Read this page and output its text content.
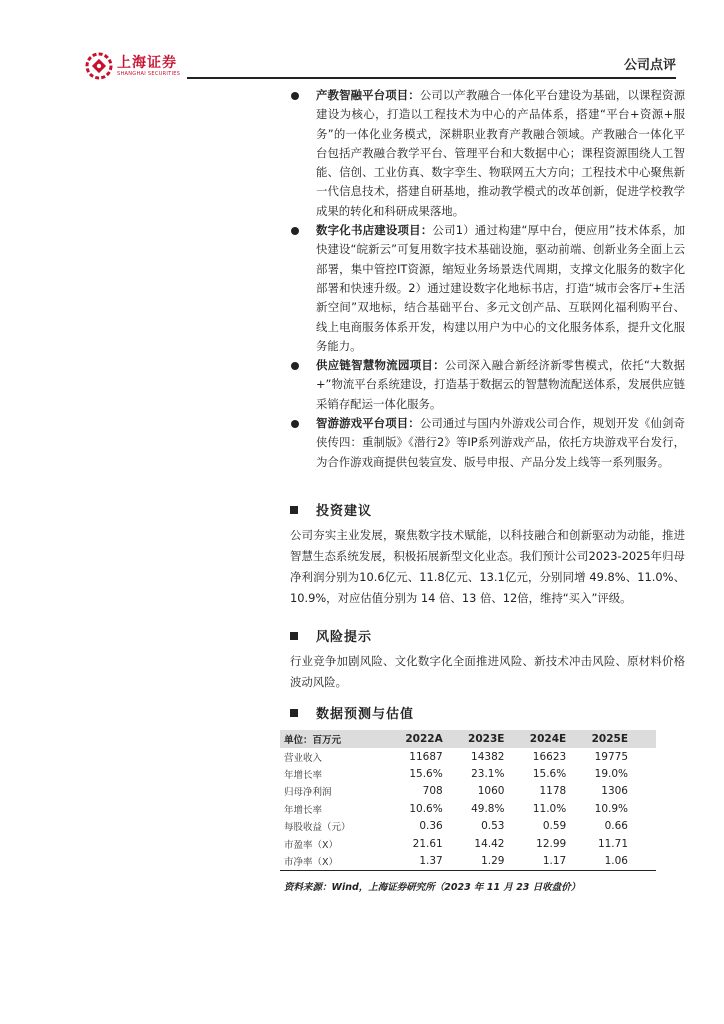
上海证券
SHANGHAI SECURITIES
公司点评
产教智融平台项目：公司以产教融合一体化平台建设为基础，以课程资源建设为核心，打造以工程技术为中心的产品体系，搭建“平台+资源+服务”的一体化业务模式，深耕职业教育产教融合领域。产教融合一体化平台包括产教融合教学平台、管理平台和大数据中心；课程资源围绕人工智能、信创、工业仿真、数字孪生、物联网五大方向；工程技术中心聚焦新一代信息技术，搭建自研基地，推动教学模式的改革创新，促进学校教学成果的转化和科研成果落地。
数字化书店建设项目：公司1）通过构建“厚中台，便应用”技术体系，加快建设“皖新云”可复用数字技术基础设施，驱动前端、创新业务全面上云部署，集中管控IT资源，缩短业务场景迭代周期，支撑文化服务的数字化部署和快速升级。2）通过建设数字化地标书店，打造“城市会客厅+生活新空间”双地标，结合基础平台、多元文创产品、互联网化福利购平台、线上电商服务体系开发，构建以用户为中心的文化服务体系，提升文化服务能力。
供应链智慧物流园项目：公司深入融合新经济新零售模式，依托“大数据+”物流平台系统建设，打造基于数据云的智慧物流配送体系，发展供应链采销存配运一体化服务。
智游游戏平台项目：公司通过与国内外游戏公司合作，规划开发《仙剑奇侠传四：重制版》《潜行2》等IP系列游戏产品，依托方块游戏平台发行，为合作游戏商提供包装宣发、版号申报、产品分发上线等一系列服务。
投资建议

公司夯实主业发展，聚焦数字技术赋能，以科技融合和创新驱动为动能，推进智慧生态系统发展，积极拓展新型文化业态。我们预计公司2023-2025年归母净利润分别为10.6亿元、11.8亿元、13.1亿元，分别同增 49.8%、11.0%、10.9%，对应估值分别为 14 倍、13 倍、12倍，维持“买入”评级。

风险提示

行业竞争加剧风险、文化数字化全面推进风险、新技术冲击风险、原材料价格波动风险。

数据预测与估值
单位：百万元	2022A	2023E	2024E	2025E	
营业收入	11687	14382	16623	19775	
年增长率	15.6%	23.1%	15.6%	19.0%	
归母净利润	708	1060	1178	1306	
年增长率	10.6%	49.8%	11.0%	10.9%	
每股收益（元）	0.36	0.53	0.59	0.66	
市盈率（X）	21.61	14.42	12.99	11.71	
市净率（X）	1.37	1.29	1.17	1.06	
资料来源：Wind，上海证券研究所（2023 年 11 月 23 日收盘价）
